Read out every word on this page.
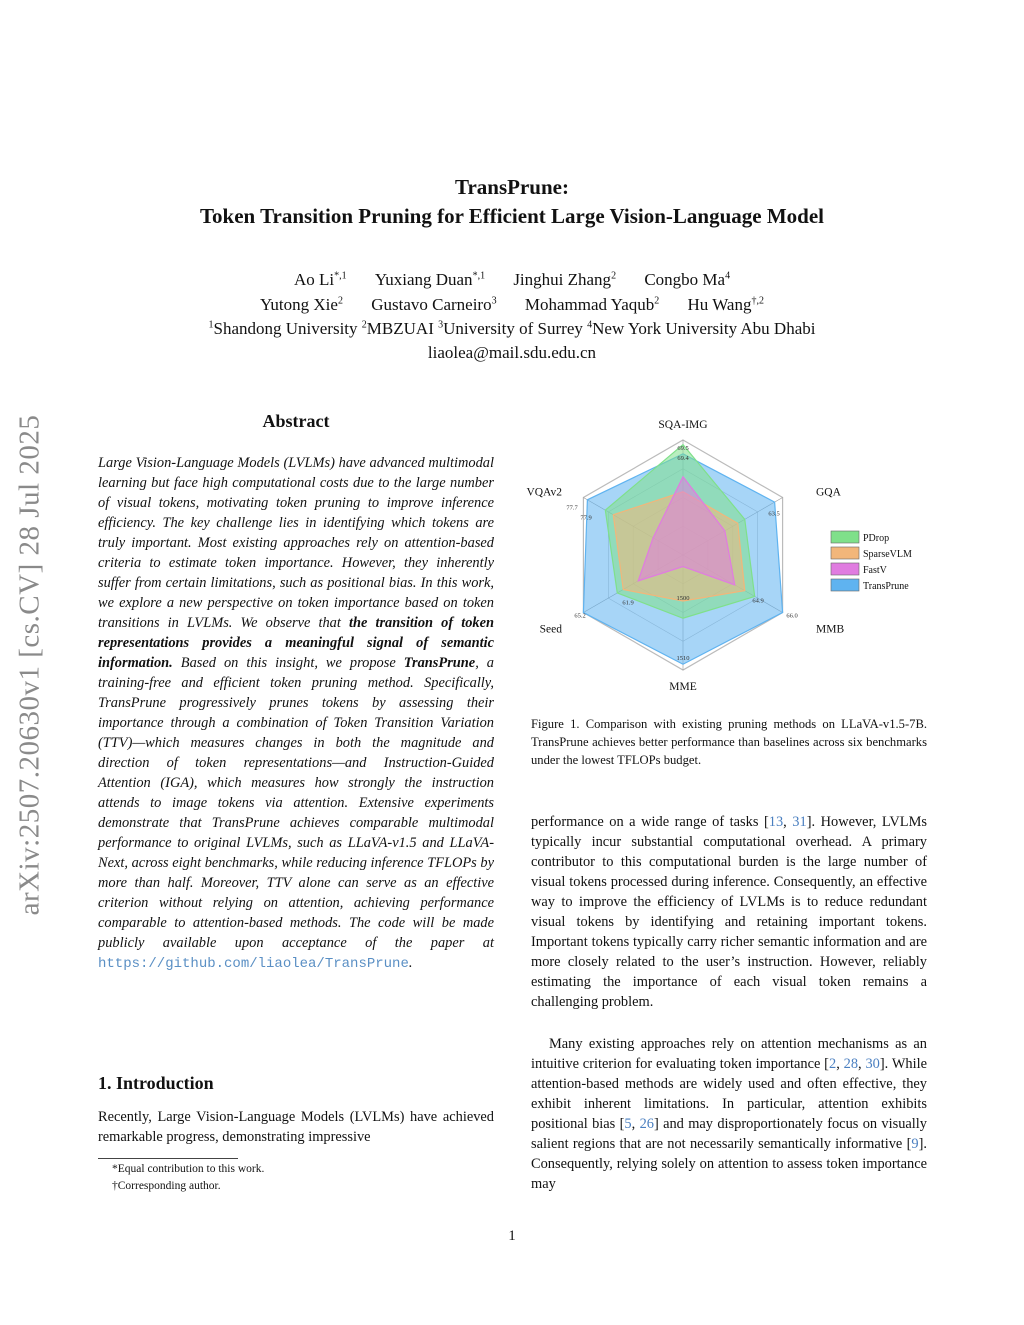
arXiv:2507.20630v1 [cs.CV] 28 Jul 2025
TransPrune:
Token Transition Pruning for Efficient Large Vision-Language Model
Ao $Li^{*,1}$ Yuxiang Duan$^{*,1}$ Jinghui Zhang$^2$ Congbo Ma$^4$
Yutong Xie$^2$ Gustavo Carneiro$^3$ Mohammad Yaqub$^2$ Hu Wang$^{\dagger,2}$
$^1$Shandong University $^2$MBZUAI $^3$University of Surrey $^4$New York University Abu Dhabi
liaolea@mail.sdu.edu.cn
Abstract
Large Vision-Language Models (LVLMs) have advanced multimodal learning but face high computational costs due to the large number of visual tokens, motivating token pruning to improve inference efficiency. The key challenge lies in identifying which tokens are truly important. Most existing approaches rely on attention-based criteria to estimate token importance. However, they inherently suffer from certain limitations, such as positional bias. In this work, we explore a new perspective on token importance based on token transitions in LVLMs. We observe that the transition of token representations provides a meaningful signal of semantic information. Based on this insight, we propose TransPrune, a training-free and efficient token pruning method. Specifically, TransPrune progressively prunes tokens by assessing their importance through a combination of Token Transition Variation (TTV)—which measures changes in both the magnitude and direction of token representations—and Instruction-Guided Attention (IGA), which measures how strongly the instruction attends to image tokens via attention. Extensive experiments demonstrate that TransPrune achieves comparable multimodal performance to original LVLMs, such as LLaVA-v1.5 and LLaVA-Next, across eight benchmarks, while reducing inference TFLOPs by more than half. Moreover, TTV alone can serve as an effective criterion without relying on attention, achieving performance comparable to attention-based methods. The code will be made publicly available upon acceptance of the paper at https://github.com/liaolea/TransPrune.
1. Introduction
Recently, Large Vision-Language Models (LVLMs) have achieved remarkable progress, demonstrating impressive
*Equal contribution to this work.
†Corresponding author.
SQA-IMG
GQA
MMB
MME
Seed
VQAv2
69.5
69.4
63.5
64.9
1500
1510
65.2
77.7
77.9
66.0
61.9
PDrop
SparseVLM
FastV
TransPrune
Figure 1. Comparison with existing pruning methods on LLaVA-v1.5-7B. TransPrune achieves better performance than baselines across six benchmarks under the lowest TFLOPs budget.
performance on a wide range of tasks [13, 31]. However, LVLMs typically incur substantial computational overhead. A primary contributor to this computational burden is the large number of visual tokens processed during inference. Consequently, an effective way to improve the efficiency of LVLMs is to reduce redundant visual tokens by identifying and retaining important tokens. Important tokens typically carry richer semantic information and are more closely related to the user’s instruction. However, reliably estimating the importance of each visual token remains a challenging problem.
Many existing approaches rely on attention mechanisms as an intuitive criterion for evaluating token importance [2, 28, 30]. While attention-based methods are widely used and often effective, they exhibit inherent limitations. In particular, attention exhibits positional bias [5, 26] and may disproportionately focus on visually salient regions that are not necessarily semantically informative [9]. Consequently, relying solely on attention to assess token importance may
1
